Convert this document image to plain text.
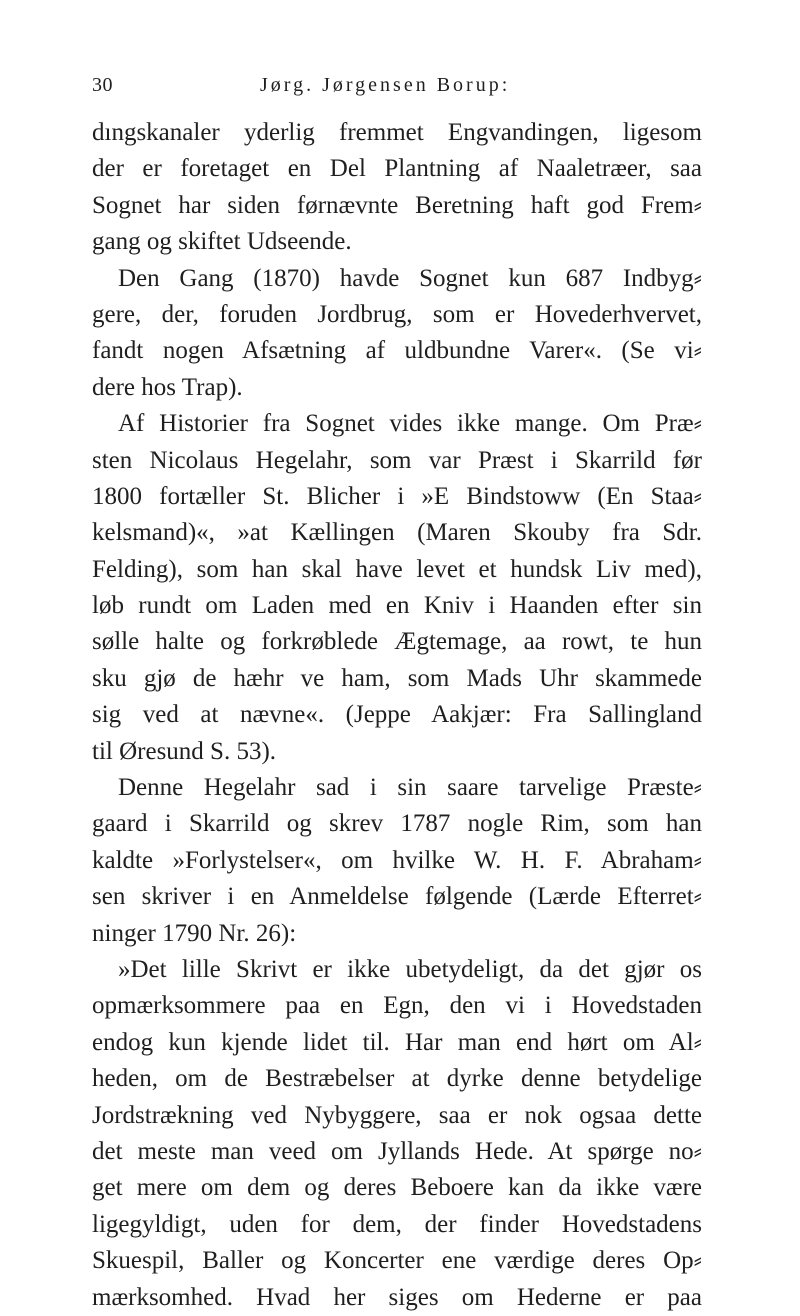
30	Jørg. Jørgensen Borup:
dıngskanaler yderlig fremmet Engvandingen, ligesom
der er foretaget en Del Plantning af Naaletræer, saa
Sognet har siden førnævnte Beretning haft god Frem⸗
gang og skiftet Udseende.
Den Gang (1870) havde Sognet kun 687 Indbyg⸗
gere, der, foruden Jordbrug, som er Hovederhvervet,
fandt nogen Afsætning af uldbundne Varer«. (Se vi⸗
dere hos Trap).
Af Historier fra Sognet vides ikke mange. Om Præ⸗
sten Nicolaus Hegelahr, som var Præst i Skarrild før
1800 fortæller St. Blicher i »E Bindstoww (En Staa⸗
kelsmand)«, »at Kællingen (Maren Skouby fra Sdr.
Felding), som han skal have levet et hundsk Liv med),
løb rundt om Laden med en Kniv i Haanden efter sin
sølle halte og forkrøblede Ægtemage, aa rowt, te hun
sku gjø de hæhr ve ham, som Mads Uhr skammede
sig ved at nævne«. (Jeppe Aakjær: Fra Sallingland
til Øresund S. 53).
Denne Hegelahr sad i sin saare tarvelige Præste⸗
gaard i Skarrild og skrev 1787 nogle Rim, som han
kaldte »Forlystelser«, om hvilke W. H. F. Abraham⸗
sen skriver i en Anmeldelse følgende (Lærde Efterret⸗
ninger 1790 Nr. 26):
»Det lille Skrivt er ikke ubetydeligt, da det gjør os
opmærksommere paa en Egn, den vi i Hovedstaden
endog kun kjende lidet til. Har man end hørt om Al⸗
heden, om de Bestræbelser at dyrke denne betydelige
Jordstrækning ved Nybyggere, saa er nok ogsaa dette
det meste man veed om Jyllands Hede. At spørge no⸗
get mere om dem og deres Beboere kan da ikke være
ligegyldigt, uden for dem, der finder Hovedstadens
Skuespil, Baller og Koncerter ene værdige deres Op⸗
mærksomhed. Hvad her siges om Hederne er paa
